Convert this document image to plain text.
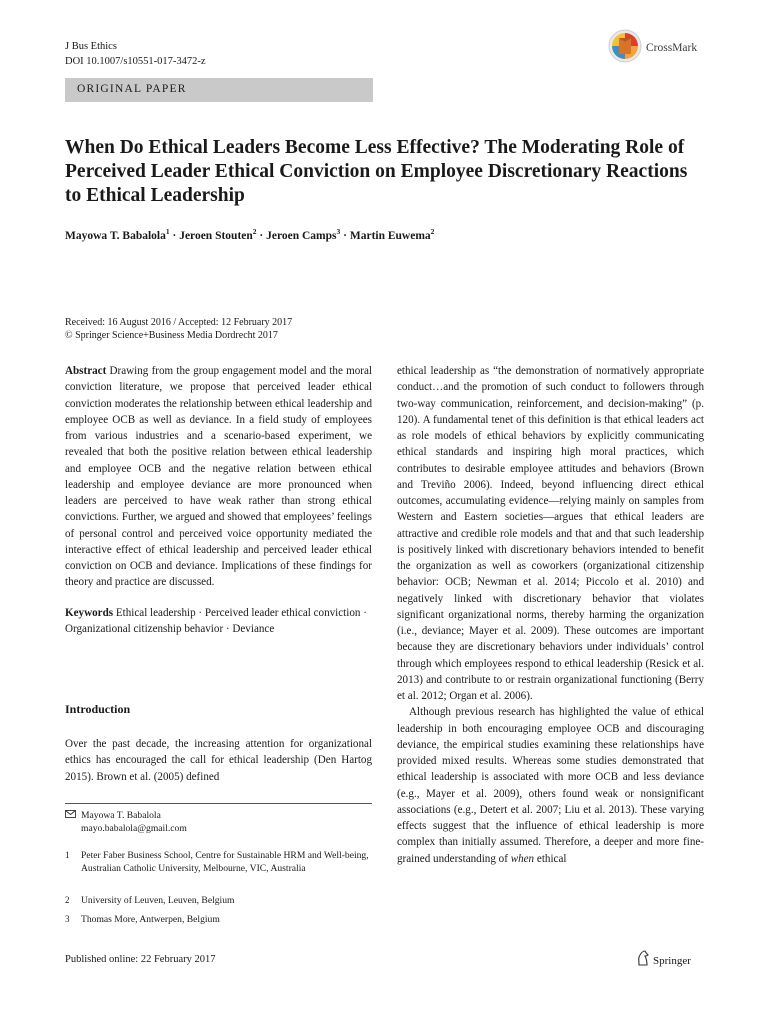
J Bus Ethics
DOI 10.1007/s10551-017-3472-z
CrossMark
ORIGINAL PAPER
When Do Ethical Leaders Become Less Effective? The Moderating Role of Perceived Leader Ethical Conviction on Employee Discretionary Reactions to Ethical Leadership
Mayowa T. Babalola$^1$ · Jeroen Stouten$^2$ · Jeroen Camps$^3$ · Martin Euwema$^2$
Received: 16 August 2016 / Accepted: 12 February 2017
© Springer Science+Business Media Dordrecht 2017

Abstract Drawing from the group engagement model and the moral conviction literature, we propose that perceived leader ethical conviction moderates the relationship between ethical leadership and employee OCB as well as deviance. In a field study of employees from various industries and a scenario-based experiment, we revealed that both the positive relation between ethical leadership and employee OCB and the negative relation between ethical leadership and employee deviance are more pronounced when leaders are perceived to have weak rather than strong ethical convictions. Further, we argued and showed that employees’ feelings of personal control and perceived voice opportunity mediated the interactive effect of ethical leadership and perceived leader ethical conviction on OCB and deviance. Implications of these findings for theory and practice are discussed.

Keywords Ethical leadership · Perceived leader ethical conviction · Organizational citizenship behavior · Deviance

Introduction
Over the past decade, the increasing attention for organizational ethics has encouraged the call for ethical leadership (Den Hartog 2015). Brown et al. (2005) defined
Mayowa T. Babalola
mayo.babalola@gmail.com
1 Peter Faber Business School, Centre for Sustainable HRM and Well-being, Australian Catholic University, Melbourne, VIC, Australia
2 University of Leuven, Leuven, Belgium
3 Thomas More, Antwerpen, Belgium

ethical leadership as “the demonstration of normatively appropriate conduct…and the promotion of such conduct to followers through two-way communication, reinforcement, and decision-making” (p. 120). A fundamental tenet of this definition is that ethical leaders act as role models of ethical behaviors by explicitly communicating ethical standards and inspiring high moral practices, which contributes to desirable employee attitudes and behaviors (Brown and Treviño 2006). Indeed, beyond influencing direct ethical outcomes, accumulating evidence—relying mainly on samples from Western and Eastern societies—argues that ethical leaders are attractive and credible role models and that and that such leadership is positively linked with discretionary behaviors intended to benefit the organization as well as coworkers (organizational citizenship behavior: OCB; Newman et al. 2014; Piccolo et al. 2010) and negatively linked with discretionary behavior that violates significant organizational norms, thereby harming the organization (i.e., deviance; Mayer et al. 2009). These outcomes are important because they are discretionary behaviors under individuals’ control through which employees respond to ethical leadership (Resick et al. 2013) and contribute to or restrain organizational functioning (Berry et al. 2012; Organ et al. 2006).

Although previous research has highlighted the value of ethical leadership in both encouraging employee OCB and discouraging deviance, the empirical studies examining these relationships have provided mixed results. Whereas some studies demonstrated that ethical leadership is associated with more OCB and less deviance (e.g., Mayer et al. 2009), others found weak or nonsignificant associations (e.g., Detert et al. 2007; Liu et al. 2013). These varying effects suggest that the influence of ethical leadership is more complex than initially assumed. Therefore, a deeper and more fine-grained understanding of when ethical

Published online: 22 February 2017	Springer
